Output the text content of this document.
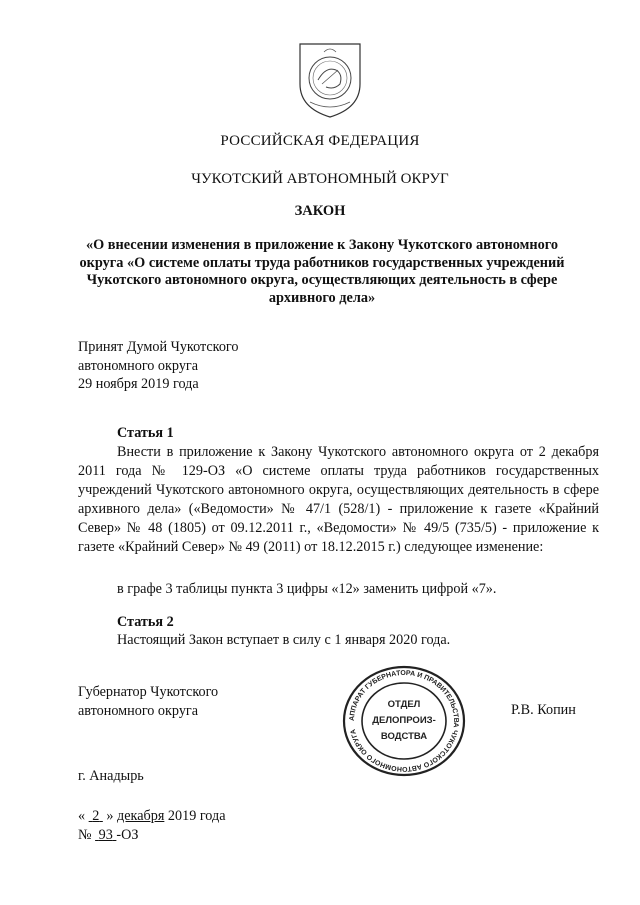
РОССИЙСКАЯ ФЕДЕРАЦИЯ
ЧУКОТСКИЙ АВТОНОМНЫЙ ОКРУГ
ЗАКОН
«О внесении изменения в приложение к Закону Чукотского автономного округа «О системе оплаты труда работников государственных учреждений Чукотского автономного округа, осуществляющих деятельность в сфере архивного дела»
Принят Думой Чукотского
автономного округа
29 ноября 2019 года
Статья 1
Внести в приложение к Закону Чукотского автономного округа от 2 декабря 2011 года № 129-ОЗ «О системе оплаты труда работников государственных учреждений Чукотского автономного округа, осуществляющих деятельность в сфере архивного дела» («Ведомости» № 47/1 (528/1) - приложение к газете «Крайний Север» № 48 (1805) от 09.12.2011 г., «Ведомости» № 49/5 (735/5) - приложение к газете «Крайний Север» № 49 (2011) от 18.12.2015 г.) следующее изменение:
в графе 3 таблицы пункта 3 цифры «12» заменить цифрой «7».
Статья 2
Настоящий Закон вступает в силу с 1 января 2020 года.
Губернатор Чукотского
автономного округа	АППАРАТ ГУБЕРНАТОРА И ПРАВИТЕЛЬСТВА ЧУКОТСКОГО АВТОНОМНОГО ОКРУГА
ОТДЕЛ
ДЕЛОПРОИЗ-
ВОДСТВА
Р.В. Копин
г. Анадырь
« 2 » декабря 2019 года
№ 93 -ОЗ
